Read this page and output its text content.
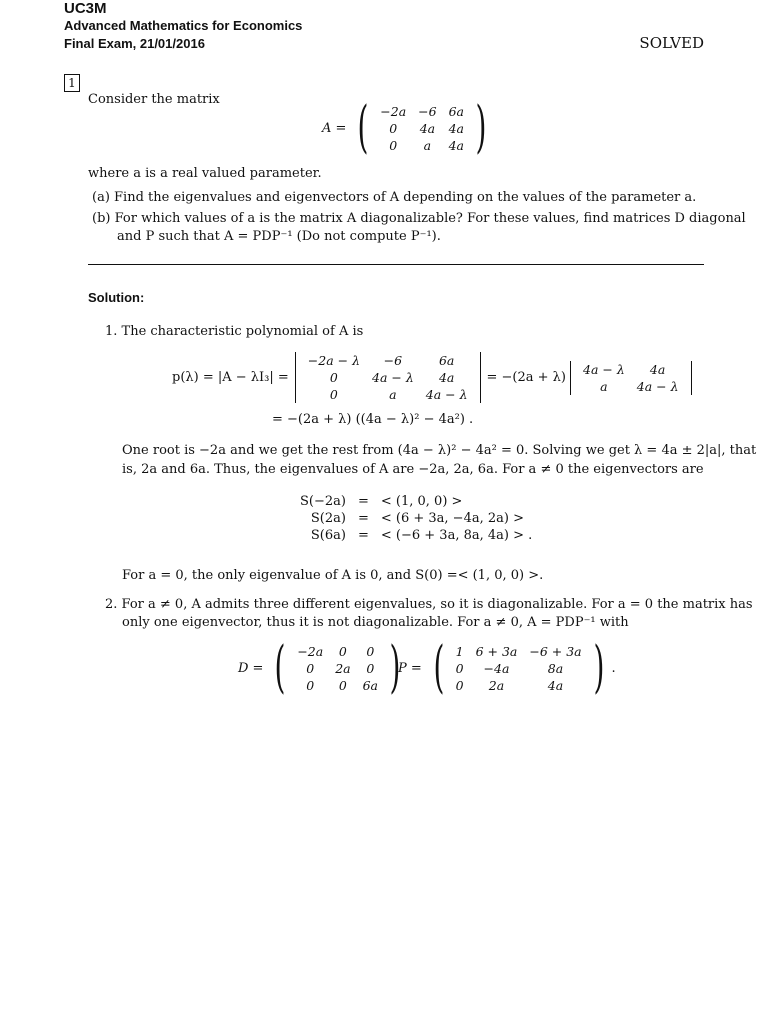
UC3M
Advanced Mathematics for Economics
Final Exam, 21/01/2016	SOLVED
1
Consider the matrix
A = ( −2a	−6	6a
0	4a	4a
0	a	4a )
where a is a real valued parameter.
(a) Find the eigenvalues and eigenvectors of A depending on the values of the parameter a.
(b) For which values of a is the matrix A diagonalizable? For these values, find matrices D diagonal
and P such that A = PDP⁻¹ (Do not compute P⁻¹).
Solution:
1. The characteristic polynomial of A is
p(λ) = |A − λI₃| =
−2a − λ	−6	6a
0	4a − λ	4a
0	a	4a − λ
= −(2a + λ)
4a − λ	4a
a	4a − λ
= −(2a + λ) ((4a − λ)² − 4a²) .
One root is −2a and we get the rest from (4a − λ)² − 4a² = 0. Solving we get λ = 4a ± 2|a|, that
is, 2a and 6a. Thus, the eigenvalues of A are −2a, 2a, 6a. For a ≠ 0 the eigenvectors are
S(−2a)	=	< (1, 0, 0) >
S(2a)	=	< (6 + 3a, −4a, 2a) >
S(6a)	=	< (−6 + 3a, 8a, 4a) > .
For a = 0, the only eigenvalue of A is 0, and S(0) =< (1, 0, 0) >.
2. For a ≠ 0, A admits three different eigenvalues, so it is diagonalizable. For a = 0 the matrix has
only one eigenvector, thus it is not diagonalizable. For a ≠ 0, A = PDP⁻¹ with
D = ( −2a	0	0
0	2a	0
0	0	6a )
P = ( 1	6 + 3a	−6 + 3a
0	−4a	8a
0	2a	4a ) .
